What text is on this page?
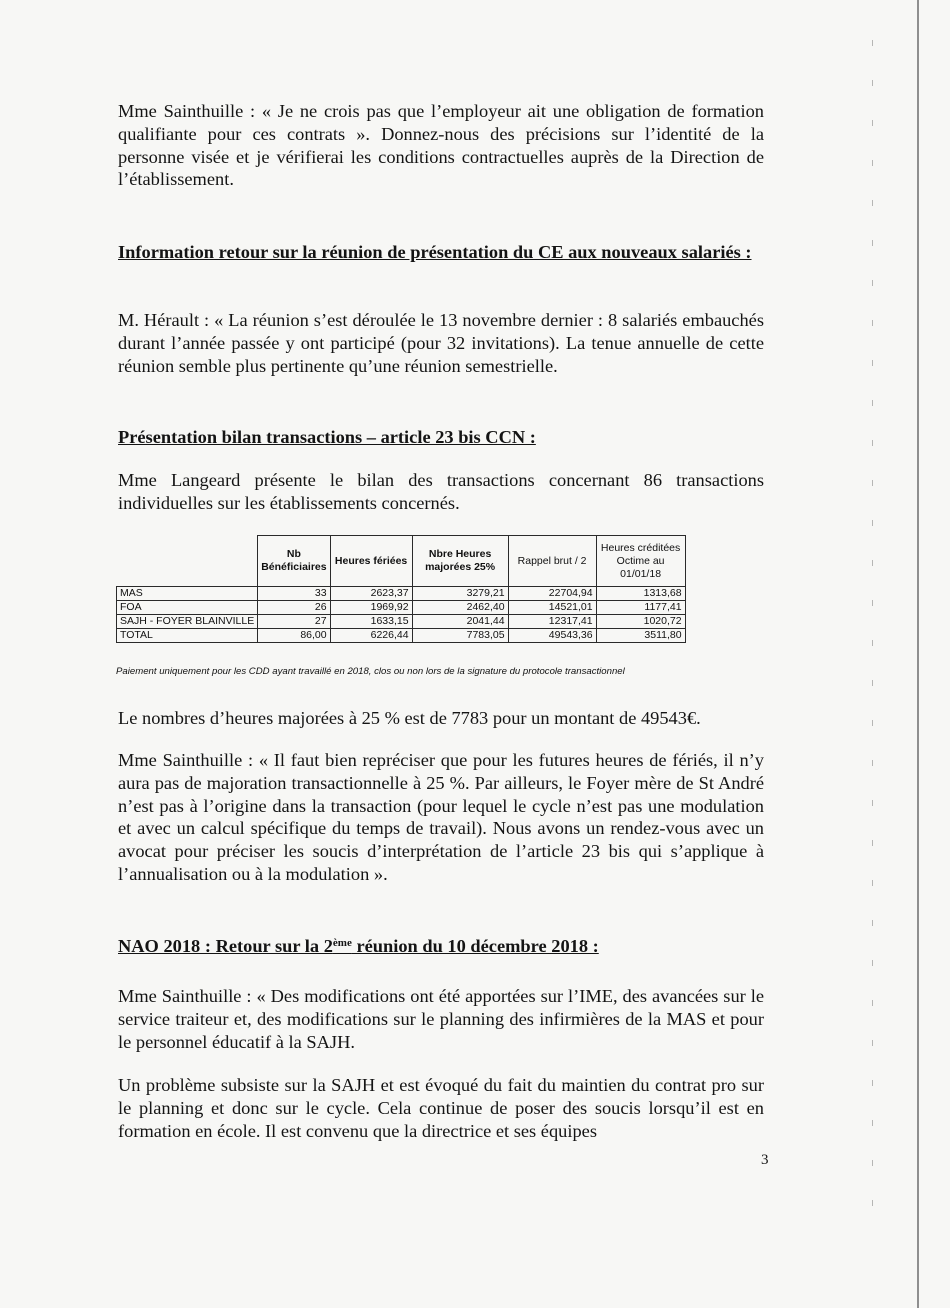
Mme Sainthuille : « Je ne crois pas que l’employeur ait une obligation de formation qualifiante pour ces contrats ». Donnez-nous des précisions sur l’identité de la personne visée et je vérifierai les conditions contractuelles auprès de la Direction de l’établissement.
Information retour sur la réunion de présentation du CE aux nouveaux salariés :
M. Hérault : « La réunion s’est déroulée le 13 novembre dernier : 8 salariés embauchés durant l’année passée y ont participé (pour 32 invitations). La tenue annuelle de cette réunion semble plus pertinente qu’une réunion semestrielle.
Présentation bilan transactions – article 23 bis CCN :
Mme Langeard présente le bilan des transactions concernant 86 transactions individuelles sur les établissements concernés.
	Nb Bénéficiaires	Heures fériées	Nbre Heures majorées 25%	Rappel brut / 2	Heures créditées Octime au 01/01/18
MAS	33	2623,37	3279,21	22704,94	1313,68
FOA	26	1969,92	2462,40	14521,01	1177,41
SAJH - FOYER BLAINVILLE	27	1633,15	2041,44	12317,41	1020,72
TOTAL	86,00	6226,44	7783,05	49543,36	3511,80
Paiement uniquement pour les CDD ayant travaillé en 2018, clos ou non lors de la signature du protocole transactionnel
Le nombres d’heures majorées à 25 % est de 7783 pour un montant de 49543€.
Mme Sainthuille : « Il faut bien repréciser que pour les futures heures de fériés, il n’y aura pas de majoration transactionnelle à 25 %. Par ailleurs, le Foyer mère de St André n’est pas à l’origine dans la transaction (pour lequel le cycle n’est pas une modulation et avec un calcul spécifique du temps de travail). Nous avons un rendez-vous avec un avocat pour préciser les soucis d’interprétation de l’article 23 bis qui s’applique à l’annualisation ou à la modulation ».
NAO 2018 : Retour sur la 2ème réunion du 10 décembre 2018 :
Mme Sainthuille : « Des modifications ont été apportées sur l’IME, des avancées sur le service traiteur et, des modifications sur le planning des infirmières de la MAS et pour le personnel éducatif à la SAJH.
Un problème subsiste sur la SAJH et est évoqué du fait du maintien du contrat pro sur le planning et donc sur le cycle. Cela continue de poser des soucis lorsqu’il est en formation en école. Il est convenu que la directrice et ses équipes
3
